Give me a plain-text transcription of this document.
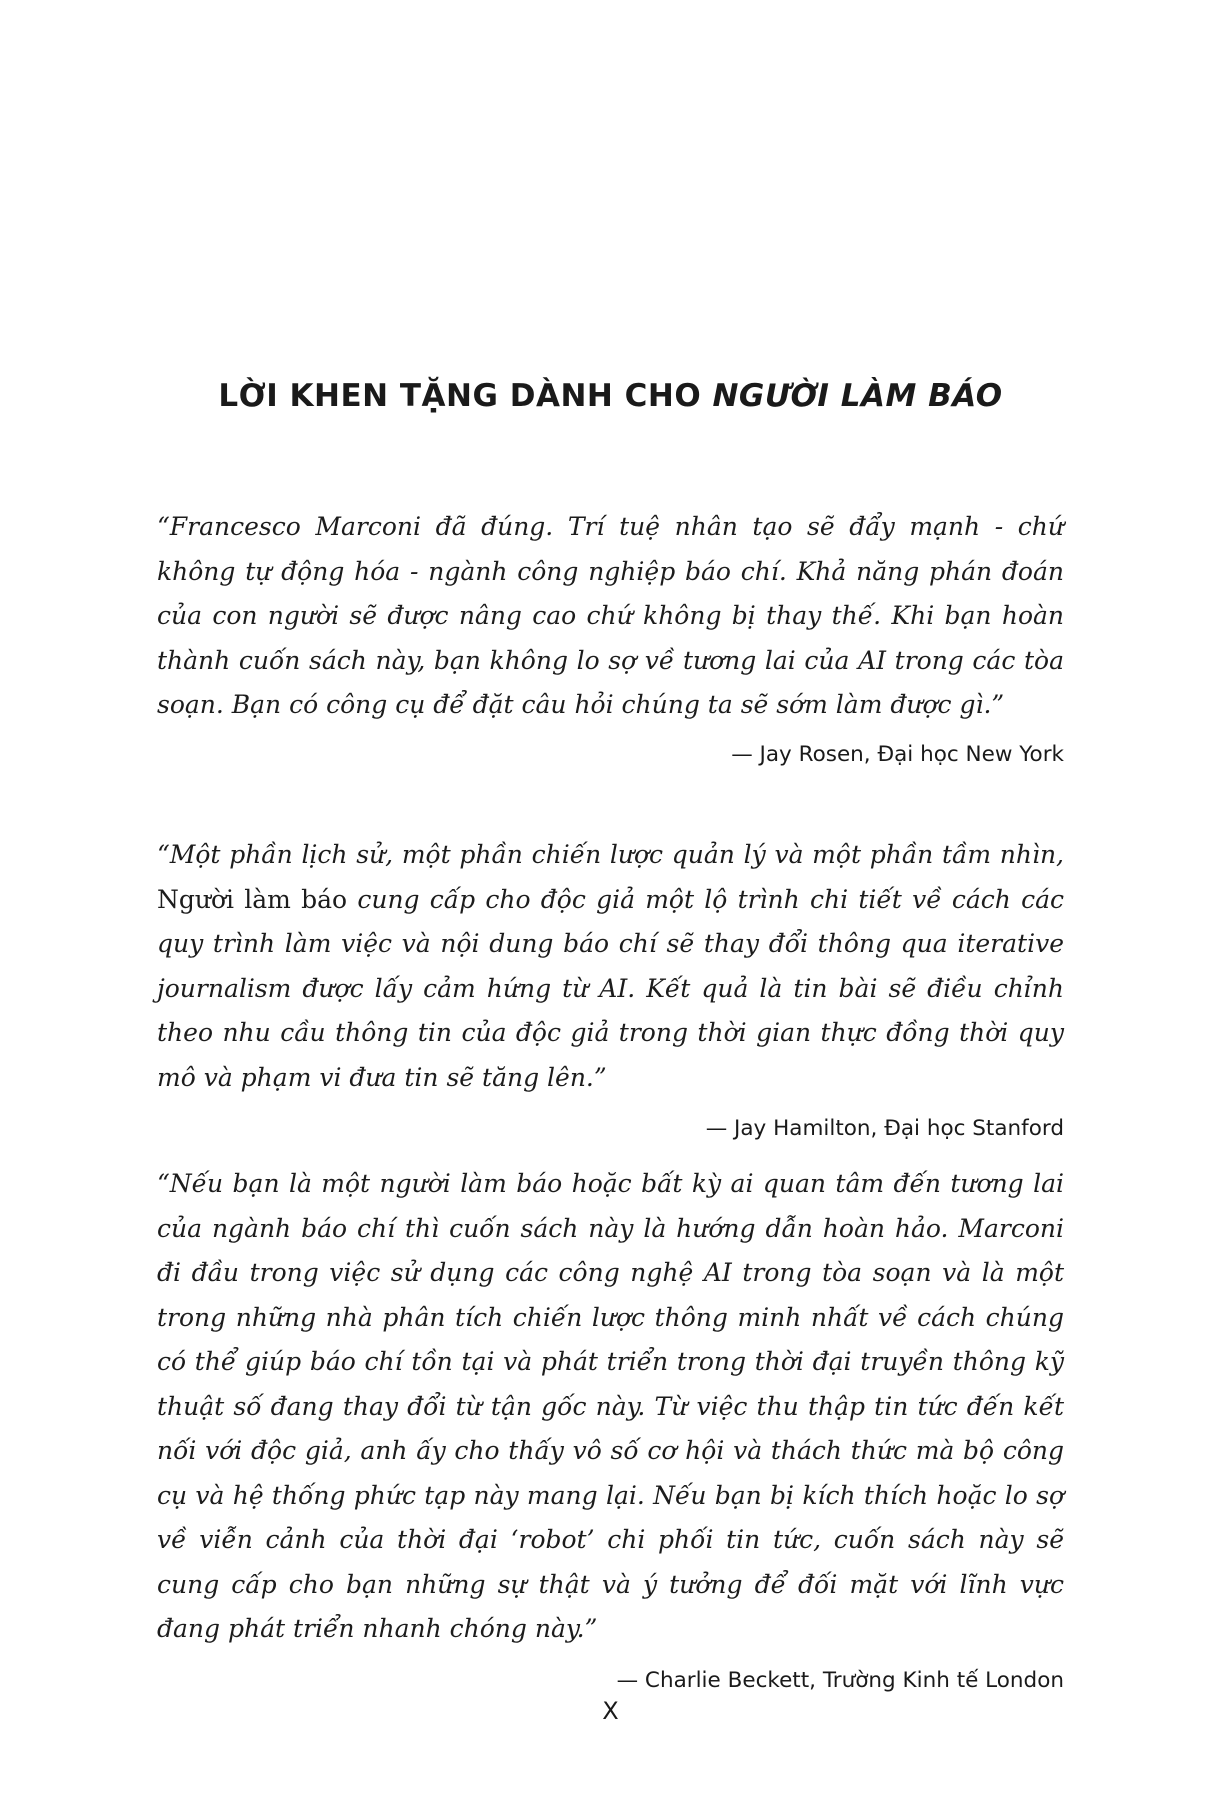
LỜI KHEN TẶNG DÀNH CHO NGƯỜI LÀM BÁO

“Francesco Marconi đã đúng. Trí tuệ nhân tạo sẽ đẩy mạnh - chứ không tự động hóa - ngành công nghiệp báo chí. Khả năng phán đoán của con người sẽ được nâng cao chứ không bị thay thế. Khi bạn hoàn thành cuốn sách này, bạn không lo sợ về tương lai của AI trong các tòa soạn. Bạn có công cụ để đặt câu hỏi chúng ta sẽ sớm làm được gì.”

— Jay Rosen, Đại học New York

“Một phần lịch sử, một phần chiến lược quản lý và một phần tầm nhìn, Người làm báo cung cấp cho độc giả một lộ trình chi tiết về cách các quy trình làm việc và nội dung báo chí sẽ thay đổi thông qua iterative journalism được lấy cảm hứng từ AI. Kết quả là tin bài sẽ điều chỉnh theo nhu cầu thông tin của độc giả trong thời gian thực đồng thời quy mô và phạm vi đưa tin sẽ tăng lên.”

— Jay Hamilton, Đại học Stanford

“Nếu bạn là một người làm báo hoặc bất kỳ ai quan tâm đến tương lai của ngành báo chí thì cuốn sách này là hướng dẫn hoàn hảo. Marconi đi đầu trong việc sử dụng các công nghệ AI trong tòa soạn và là một trong những nhà phân tích chiến lược thông minh nhất về cách chúng có thể giúp báo chí tồn tại và phát triển trong thời đại truyền thông kỹ thuật số đang thay đổi từ tận gốc này. Từ việc thu thập tin tức đến kết nối với độc giả, anh ấy cho thấy vô số cơ hội và thách thức mà bộ công cụ và hệ thống phức tạp này mang lại. Nếu bạn bị kích thích hoặc lo sợ về viễn cảnh của thời đại ‘robot’ chi phối tin tức, cuốn sách này sẽ cung cấp cho bạn những sự thật và ý tưởng để đối mặt với lĩnh vực đang phát triển nhanh chóng này.”

— Charlie Beckett, Trường Kinh tế London

X
